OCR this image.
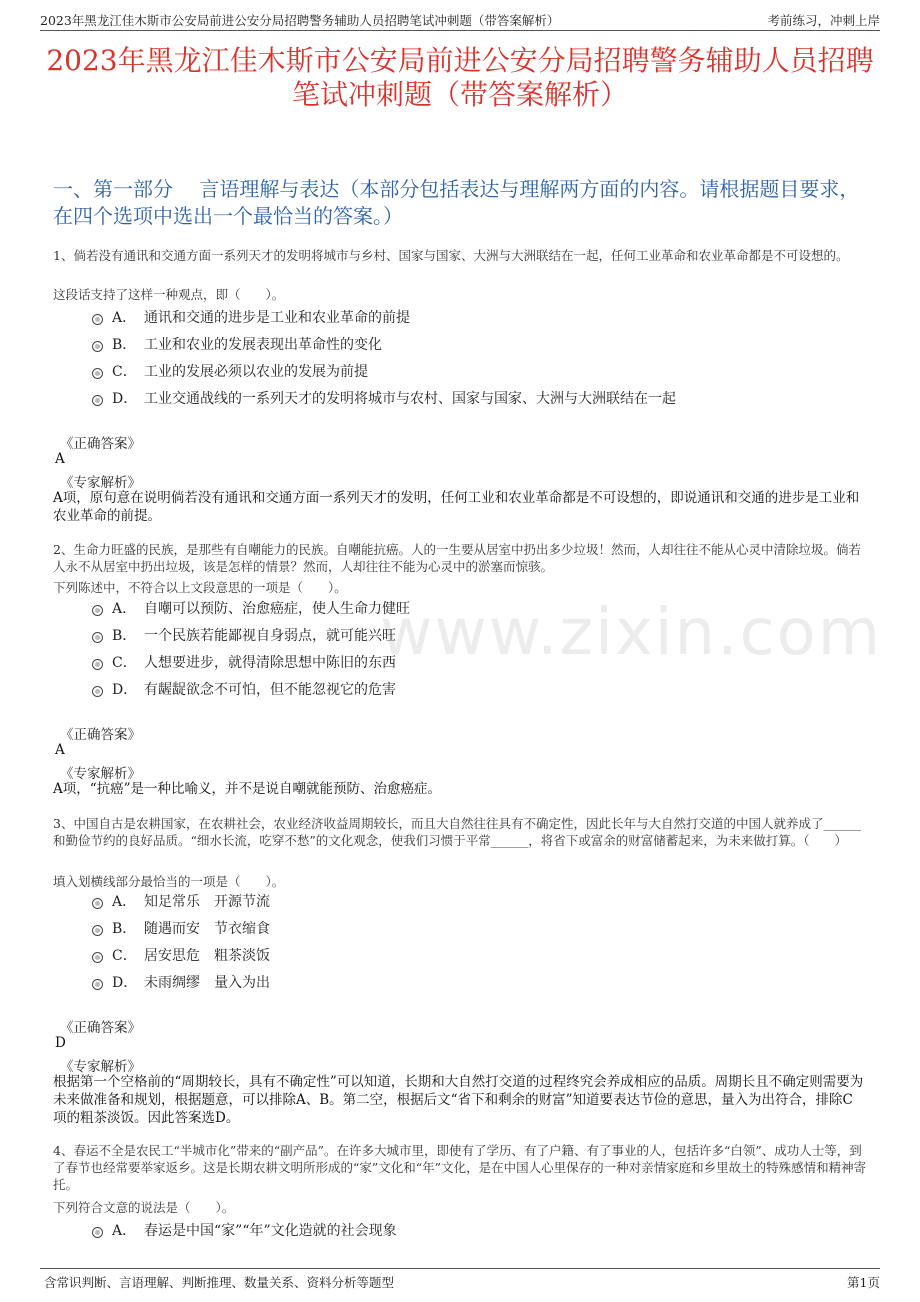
2023年黑龙江佳木斯市公安局前进公安分局招聘警务辅助人员招聘笔试冲刺题（带答案解析）	考前练习，冲刺上岸
2023年黑龙江佳木斯市公安局前进公安分局招聘警务辅助人员招聘笔试冲刺题（带答案解析）
一、第一部分　 言语理解与表达（本部分包括表达与理解两方面的内容。请根据题目要求，在四个选项中选出一个最恰当的答案。）
www.zixin.com
1、倘若没有通讯和交通方面一系列天才的发明将城市与乡村、国家与国家、大洲与大洲联结在一起，任何工业革命和农业革命都是不可设想的。
这段话支持了这样一种观点，即（　　）。
A． 通讯和交通的进步是工业和农业革命的前提
B． 工业和农业的发展表现出革命性的变化
C． 工业的发展必须以农业的发展为前提
D． 工业交通战线的一系列天才的发明将城市与农村、国家与国家、大洲与大洲联结在一起
《正确答案》
A
《专家解析》
A项，原句意在说明倘若没有通讯和交通方面一系列天才的发明，任何工业和农业革命都是不可设想的，即说通讯和交通的进步是工业和农业革命的前提。
2、生命力旺盛的民族，是那些有自嘲能力的民族。自嘲能抗癌。人的一生要从居室中扔出多少垃圾！然而，人却往往不能从心灵中清除垃圾。倘若人永不从居室中扔出垃圾，该是怎样的情景？然而，人却往往不能为心灵中的淤塞而惊骇。
下列陈述中，不符合以上文段意思的一项是（　　）。
A． 自嘲可以预防、治愈癌症，使人生命力健旺
B． 一个民族若能鄙视自身弱点，就可能兴旺
C． 人想要进步，就得清除思想中陈旧的东西
D． 有龌龊欲念不可怕，但不能忽视它的危害
《正确答案》
A
《专家解析》
A项，“抗癌”是一种比喻义，并不是说自嘲就能预防、治愈癌症。
3、中国自古是农耕国家，在农耕社会，农业经济收益周期较长，而且大自然往往具有不确定性，因此长年与大自然打交道的中国人就养成了______和勤俭节约的良好品质。“细水长流，吃穿不愁”的文化观念，使我们习惯于平常______，将省下或富余的财富储蓄起来，为未来做打算。（　　）
填入划横线部分最恰当的一项是（　　）。
A． 知足常乐　开源节流
B． 随遇而安　节衣缩食
C． 居安思危　粗茶淡饭
D． 未雨绸缪　量入为出
《正确答案》
D
《专家解析》
根据第一个空格前的“周期较长，具有不确定性”可以知道，长期和大自然打交道的过程终究会养成相应的品质。周期长且不确定则需要为未来做准备和规划，根据题意，可以排除A、B。第二空，根据后文“省下和剩余的财富”知道要表达节俭的意思，量入为出符合，排除C项的粗茶淡饭。因此答案选D。
4、春运不全是农民工“半城市化”带来的“副产品”。在许多大城市里，即使有了学历、有了户籍、有了事业的人，包括许多“白领”、成功人士等，到了春节也经常要举家返乡。这是长期农耕文明所形成的“家”文化和“年”文化，是在中国人心里保存的一种对亲情家庭和乡里故土的特殊感情和精神寄托。
下列符合文意的说法是（　　）。
A． 春运是中国“家”“年”文化造就的社会现象
含常识判断、言语理解、判断推理、数量关系、资料分析等题型	第1页
